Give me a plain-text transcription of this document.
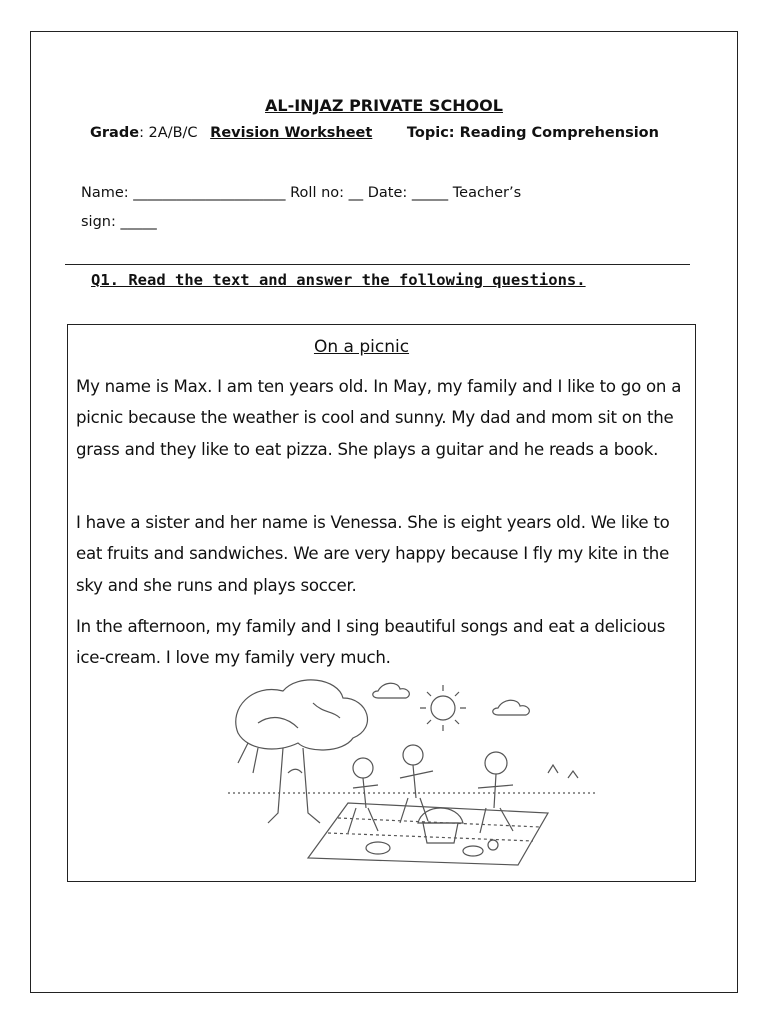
AL-INJAZ PRIVATE SCHOOL
Grade: 2A/B/C Revision Worksheet Topic: Reading Comprehension
Name: _____________________ Roll no: __ Date: _____ Teacher’s
sign: _____
Q1. Read the text and answer the following questions.
On a picnic
My name is Max. I am ten years old. In May, my family and I like to go on a picnic because the weather is cool and sunny. My dad and mom sit on the grass and they like to eat pizza. She plays a guitar and he reads a book.
I have a sister and her name is Venessa. She is eight years old. We like to eat fruits and sandwiches. We are very happy because I fly my kite in the sky and she runs and plays soccer.
In the afternoon, my family and I sing beautiful songs and eat a delicious ice-cream. I love my family very much.
